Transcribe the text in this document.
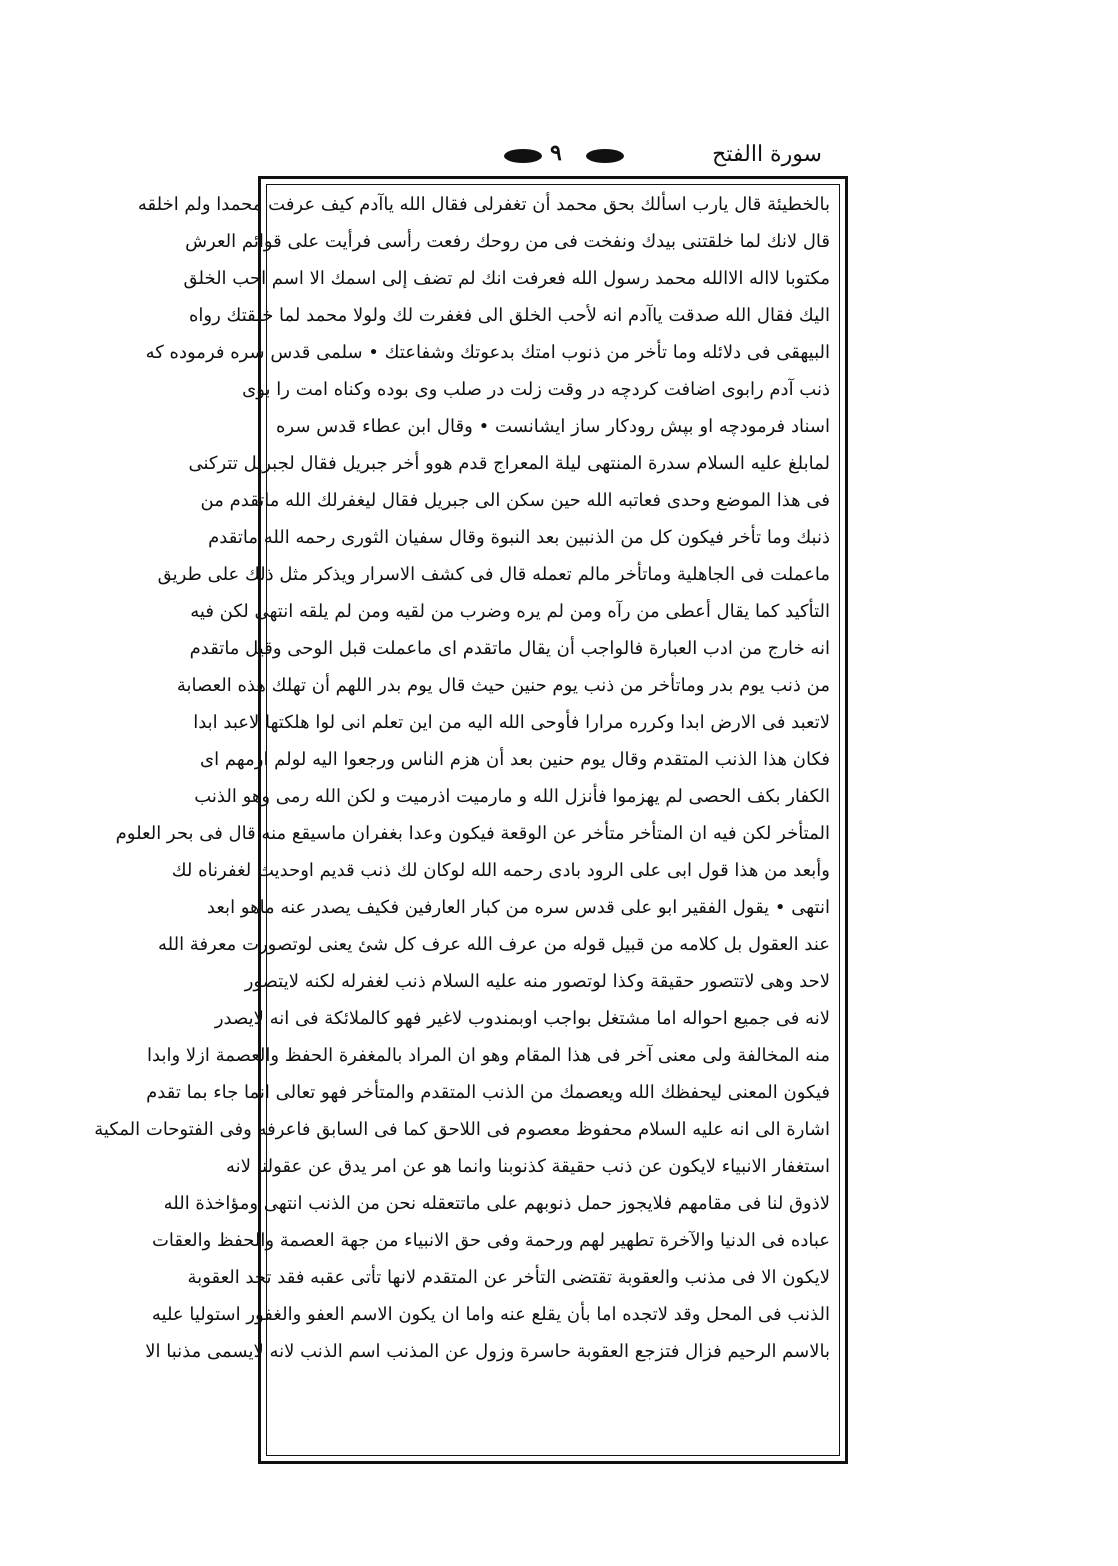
سورة االفتح
٩
بالخطيئة قال يارب اسألك بحق محمد أن تغفرلى فقال الله ياآدم كيف عرفت محمدا ولم اخلقه
قال لانك لما خلقتنى بيدك ونفخت فى من روحك رفعت رأسى فرأيت على قوائم العرش
مكتوبا لااله الاالله محمد رسول الله فعرفت انك لم تضف إلى اسمك الا اسم احب الخلق
اليك فقال الله صدقت ياآدم انه لأحب الخلق الى فغفرت لك ولولا محمد لما خلقتك رواه
البيهقى فى دلائله وما تأخر من ذنوب امتك بدعوتك وشفاعتك • سلمى قدس سره فرموده كه
ذنب آدم رابوى اضافت كردچه در وقت زلت در صلب وى بوده وكناه امت را بوى
اسناد فرمودچه او بپش رودكار ساز ايشانست • وقال ابن عطاء قدس سره
لمابلغ عليه السلام سدرة المنتهى ليلة المعراج قدم هوو أخر جبريل فقال لجبريل تتركنى
فى هذا الموضع وحدى فعاتبه الله حين سكن الى جبريل فقال ليغفرلك الله ماتقدم من
ذنبك وما تأخر فيكون كل من الذنبين بعد النبوة وقال سفيان الثورى رحمه الله ماتقدم
ماعملت فى الجاهلية وماتأخر مالم تعمله قال فى كشف الاسرار ويذكر مثل ذلك على طريق
التأكيد كما يقال أعطى من رآه ومن لم يره وضرب من لقيه ومن لم يلقه انتهى لكن فيه
انه خارج من ادب العبارة فالواجب أن يقال ماتقدم اى ماعملت قبل الوحى وقيل ماتقدم
من ذنب يوم بدر وماتأخر من ذنب يوم حنين حيث قال يوم بدر اللهم أن تهلك هذه العصابة
لاتعبد فى الارض ابدا وكرره مرارا فأوحى الله اليه من اين تعلم انى لوا هلكتها لاعبد ابدا
فكان هذا الذنب المتقدم وقال يوم حنين بعد أن هزم الناس ورجعوا اليه لولم ارمهم اى
الكفار بكف الحصى لم يهزموا فأنزل الله و مارميت اذرميت و لكن الله رمى وهو الذنب
المتأخر لكن فيه ان المتأخر متأخر عن الوقعة فيكون وعدا بغفران ماسيقع منه قال فى بحر العلوم
وأبعد من هذا قول ابى على الرود بادى رحمه الله لوكان لك ذنب قديم اوحديث لغفرناه لك
انتهى • يقول الفقير ابو على قدس سره من كبار العارفين فكيف يصدر عنه ماهو ابعد
عند العقول بل كلامه من قبيل قوله من عرف الله عرف كل شئ يعنى لوتصورت معرفة الله
لاحد وهى لاتتصور حقيقة وكذا لوتصور منه عليه السلام ذنب لغفرله لكنه لايتصور
لانه فى جميع احواله اما مشتغل بواجب اوبمندوب لاغير فهو كالملائكة فى انه لايصدر
منه المخالفة ولى معنى آخر فى هذا المقام وهو ان المراد بالمغفرة الحفظ والعصمة ازلا وابدا
فيكون المعنى ليحفظك الله ويعصمك من الذنب المتقدم والمتأخر فهو تعالى انما جاء بما تقدم
اشارة الى انه عليه السلام محفوظ معصوم فى اللاحق كما فى السابق فاعرفه وفى الفتوحات المكية
استغفار الانبياء لايكون عن ذنب حقيقة كذنوبنا وانما هو عن امر يدق عن عقولنا لانه
لاذوق لنا فى مقامهم فلايجوز حمل ذنوبهم على ماتتعقله نحن من الذنب انتهى ومؤاخذة الله
عباده فى الدنيا والآخرة تطهير لهم ورحمة وفى حق الانبياء من جهة العصمة والحفظ والعقات
لايكون الا فى مذنب والعقوبة تقتضى التأخر عن المتقدم لانها تأتى عقبه فقد تجد العقوبة
الذنب فى المحل وقد لاتجده اما بأن يقلع عنه واما ان يكون الاسم العفو والغفور استوليا عليه
بالاسم الرحيم فزال فتزجع العقوبة حاسرة وزول عن المذنب اسم الذنب لانه لايسمى مذنبا الا
